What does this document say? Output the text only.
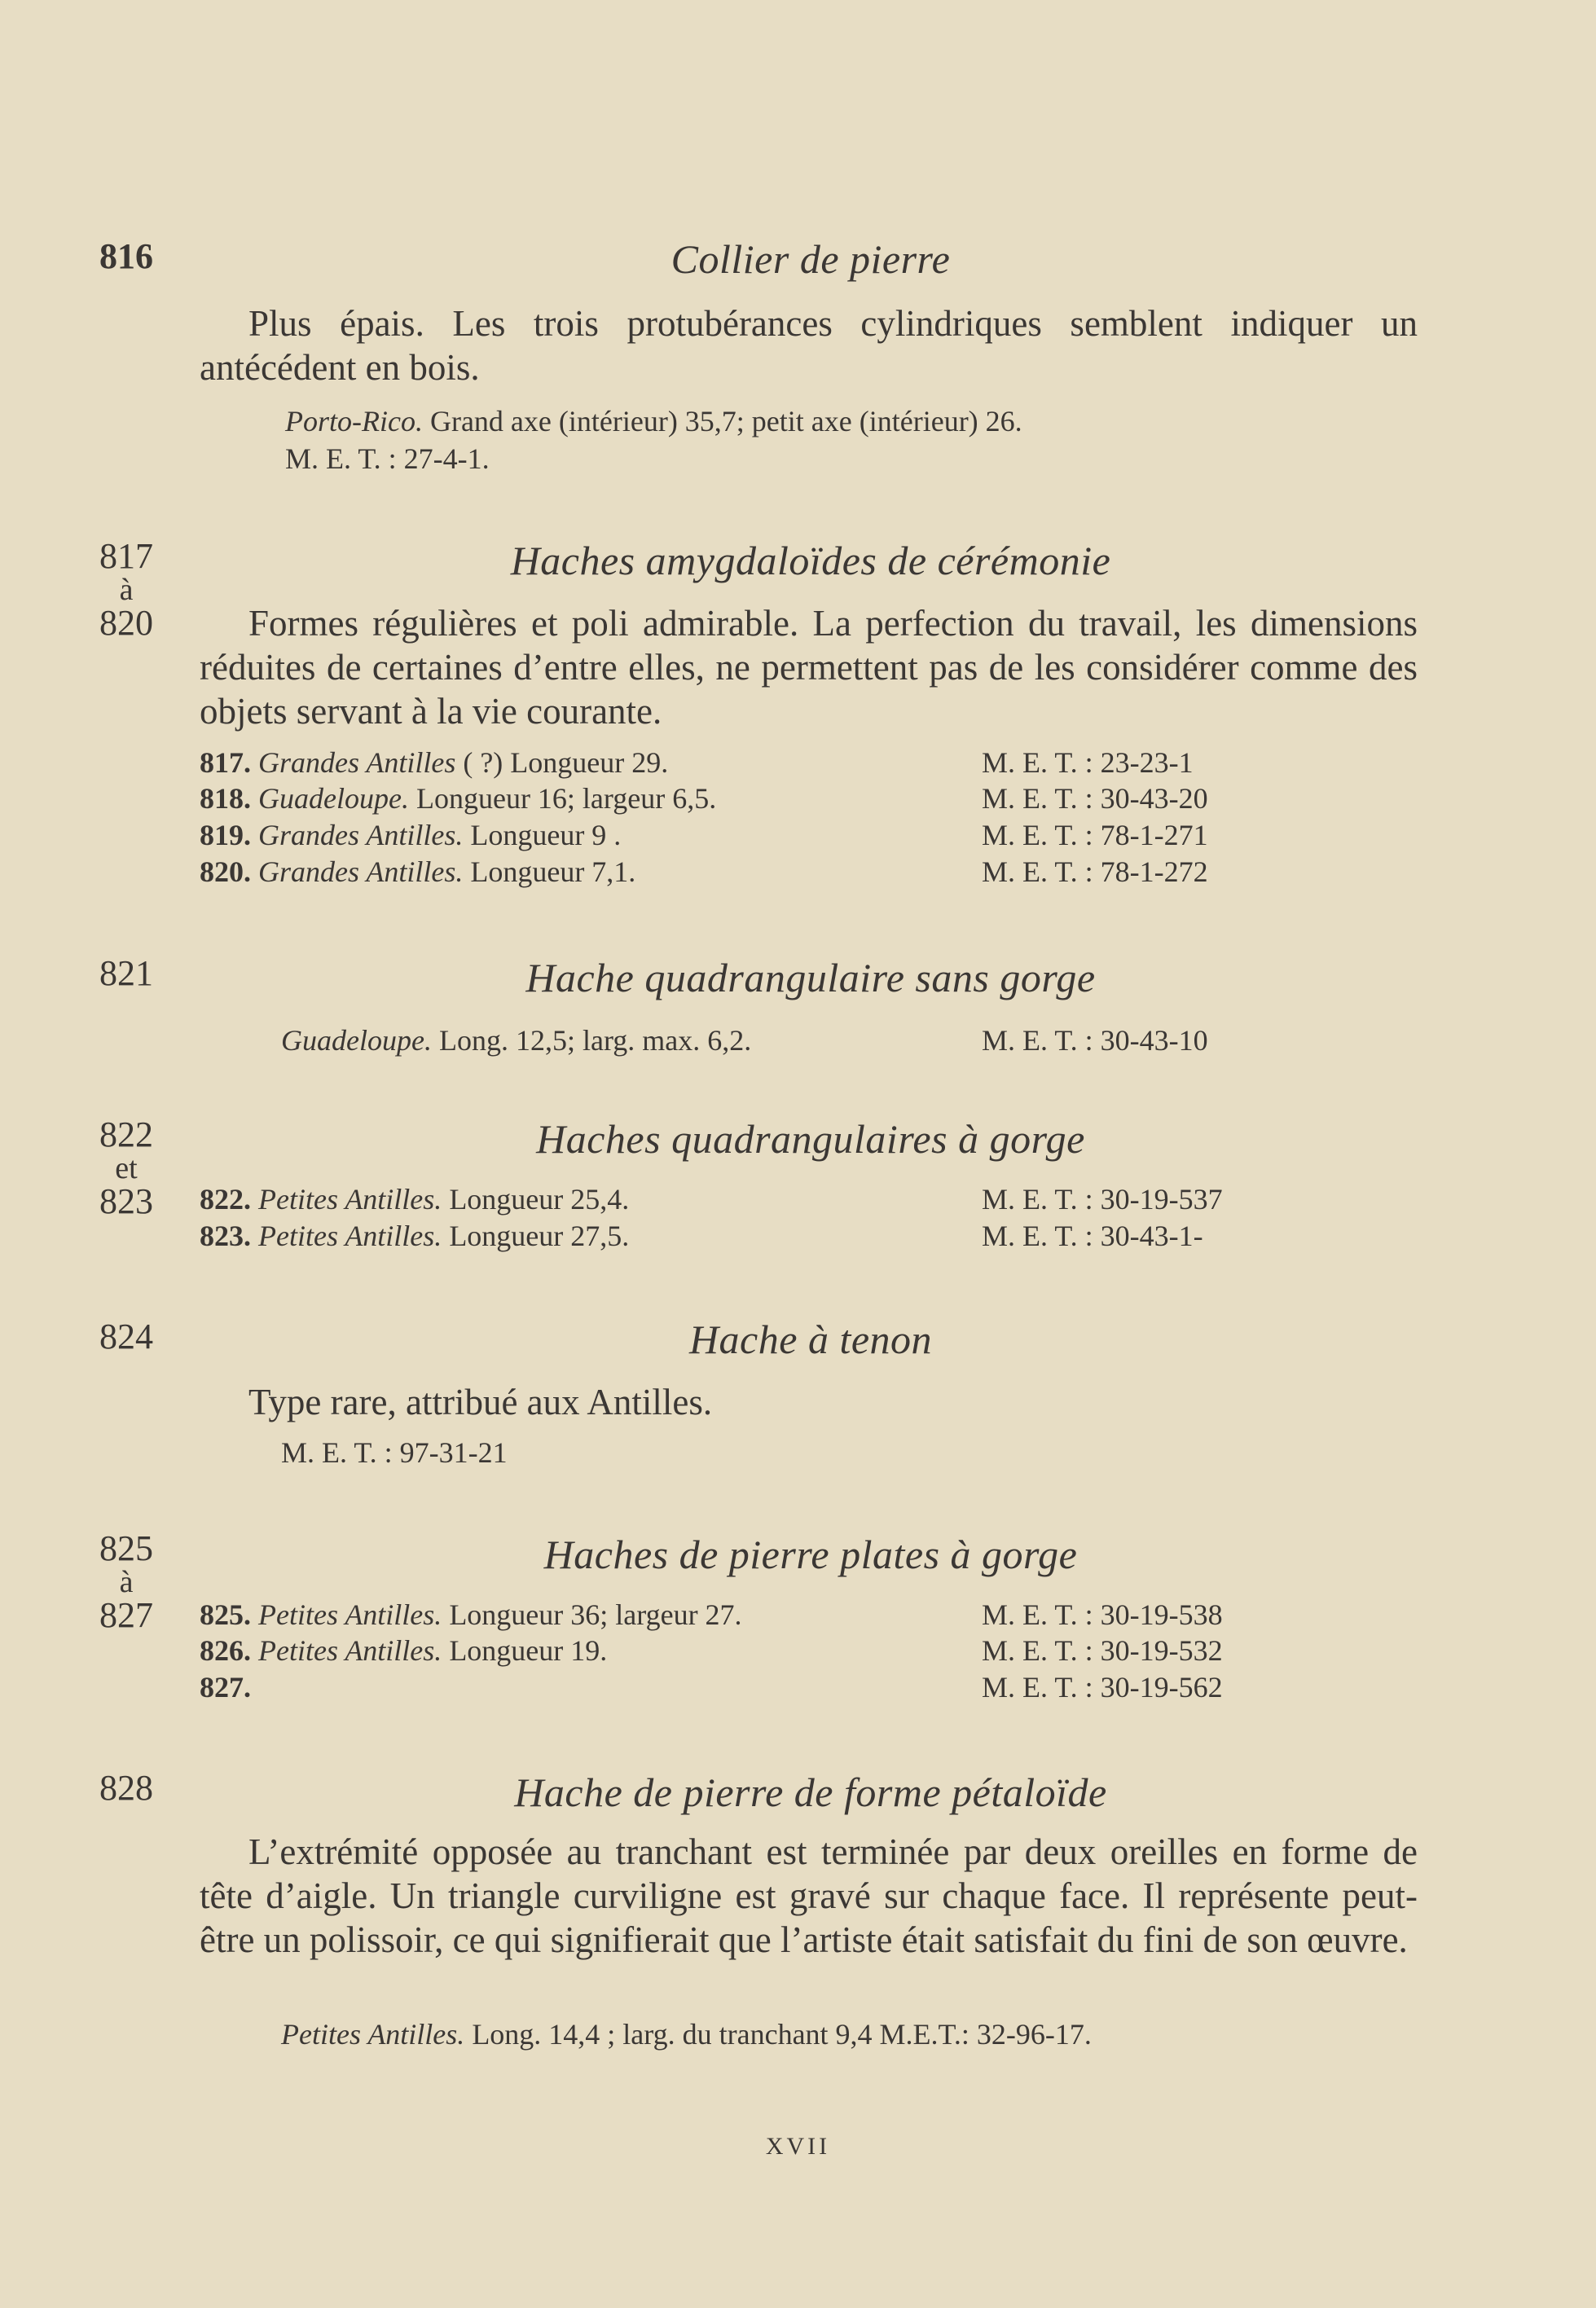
816	Collier de pierre
Plus épais. Les trois protubérances cylindriques semblent indiquer un antécédent en bois.
Porto-Rico. Grand axe (intérieur) 35,7; petit axe (intérieur) 26.
M. E. T. : 27-4-1.
817
à
820
Haches amygdaloïdes de cérémonie
Formes régulières et poli admirable. La perfection du travail, les dimensions réduites de certaines d’entre elles, ne permettent pas de les considérer comme des objets servant à la vie courante.
817. Grandes Antilles ( ?) Longueur 29.	M. E. T. : 23-23-1
818. Guadeloupe. Longueur 16; largeur 6,5.	M. E. T. : 30-43-20
819. Grandes Antilles. Longueur 9 .	M. E. T. : 78-1-271
820. Grandes Antilles. Longueur 7,1.	M. E. T. : 78-1-272
821	Hache quadrangulaire sans gorge
Guadeloupe. Long. 12,5; larg. max. 6,2.	M. E. T. : 30-43-10
822
et
823
Haches quadrangulaires à gorge
822. Petites Antilles. Longueur 25,4.	M. E. T. : 30-19-537
823. Petites Antilles. Longueur 27,5.	M. E. T. : 30-43-1-
824	Hache à tenon
Type rare, attribué aux Antilles.
M. E. T. : 97-31-21
825
à
827
Haches de pierre plates à gorge
825. Petites Antilles. Longueur 36; largeur 27.	M. E. T. : 30-19-538
826. Petites Antilles. Longueur 19.	M. E. T. : 30-19-532
827.	M. E. T. : 30-19-562
828	Hache de pierre de forme pétaloïde
L’extrémité opposée au tranchant est terminée par deux oreilles en forme de tête d’aigle. Un triangle curviligne est gravé sur chaque face. Il représente peut-être un polissoir, ce qui signifierait que l’artiste était satisfait du fini de son œuvre.
Petites Antilles. Long. 14,4 ; larg. du tranchant 9,4 M.E.T.: 32-96-17.
XVII
